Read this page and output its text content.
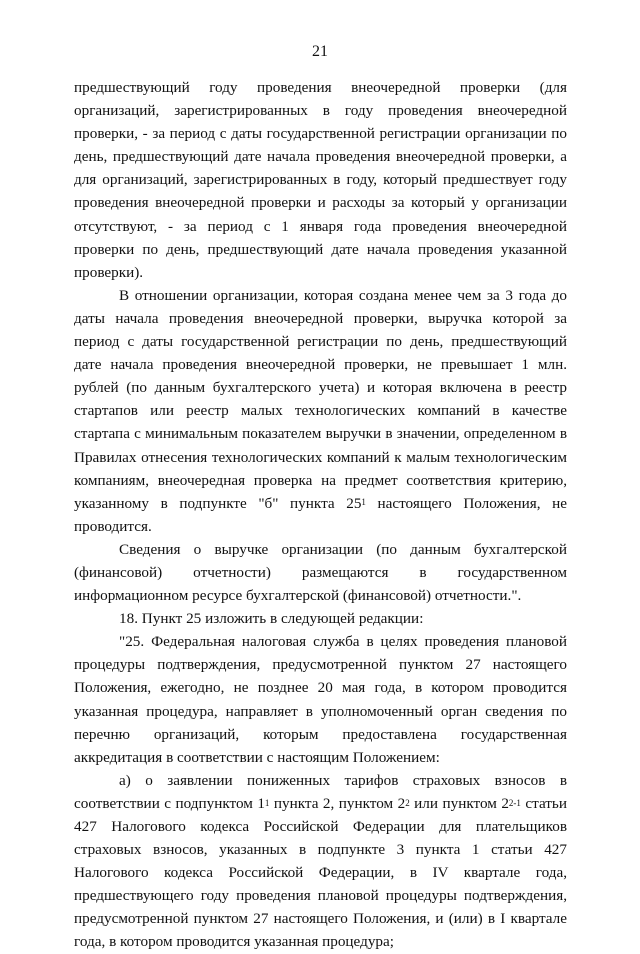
21

предшествующий году проведения внеочередной проверки (для организаций, зарегистрированных в году проведения внеочередной проверки, - за период с даты государственной регистрации организации по день, предшествующий дате начала проведения внеочередной проверки, а для организаций, зарегистрированных в году, который предшествует году проведения внеочередной проверки и расходы за который у организации отсутствуют, - за период с 1 января года проведения внеочередной проверки по день, предшествующий дате начала проведения указанной проверки).

В отношении организации, которая создана менее чем за 3 года до даты начала проведения внеочередной проверки, выручка которой за период с даты государственной регистрации по день, предшествующий дате начала проведения внеочередной проверки, не превышает 1 млн. рублей (по данным бухгалтерского учета) и которая включена в реестр стартапов или реестр малых технологических компаний в качестве стартапа с минимальным показателем выручки в значении, определенном в Правилах отнесения технологических компаний к малым технологическим компаниям, внеочередная проверка на предмет соответствия критерию, указанному в подпункте "б" пункта $25^1$ настоящего Положения, не проводится.

Сведения о выручке организации (по данным бухгалтерской (финансовой) отчетности) размещаются в государственном информационном ресурсе бухгалтерской (финансовой) отчетности.".

18. Пункт 25 изложить в следующей редакции:

"25. Федеральная налоговая служба в целях проведения плановой процедуры подтверждения, предусмотренной пунктом 27 настоящего Положения, ежегодно, не позднее 20 мая года, в котором проводится указанная процедура, направляет в уполномоченный орган сведения по перечню организаций, которым предоставлена государственная аккредитация в соответствии с настоящим Положением:

а) о заявлении пониженных тарифов страховых взносов в соответствии с подпунктом $1^1$ пункта 2, пунктом $2^2$ или пунктом 2$^{2-1}$ статьи 427 Налогового кодекса Российской Федерации для плательщиков страховых взносов, указанных в подпункте 3 пункта 1 статьи 427 Налогового кодекса Российской Федерации, в IV квартале года, предшествующего году проведения плановой процедуры подтверждения, предусмотренной пунктом 27 настоящего Положения, и (или) в I квартале года, в котором проводится указанная процедура;
